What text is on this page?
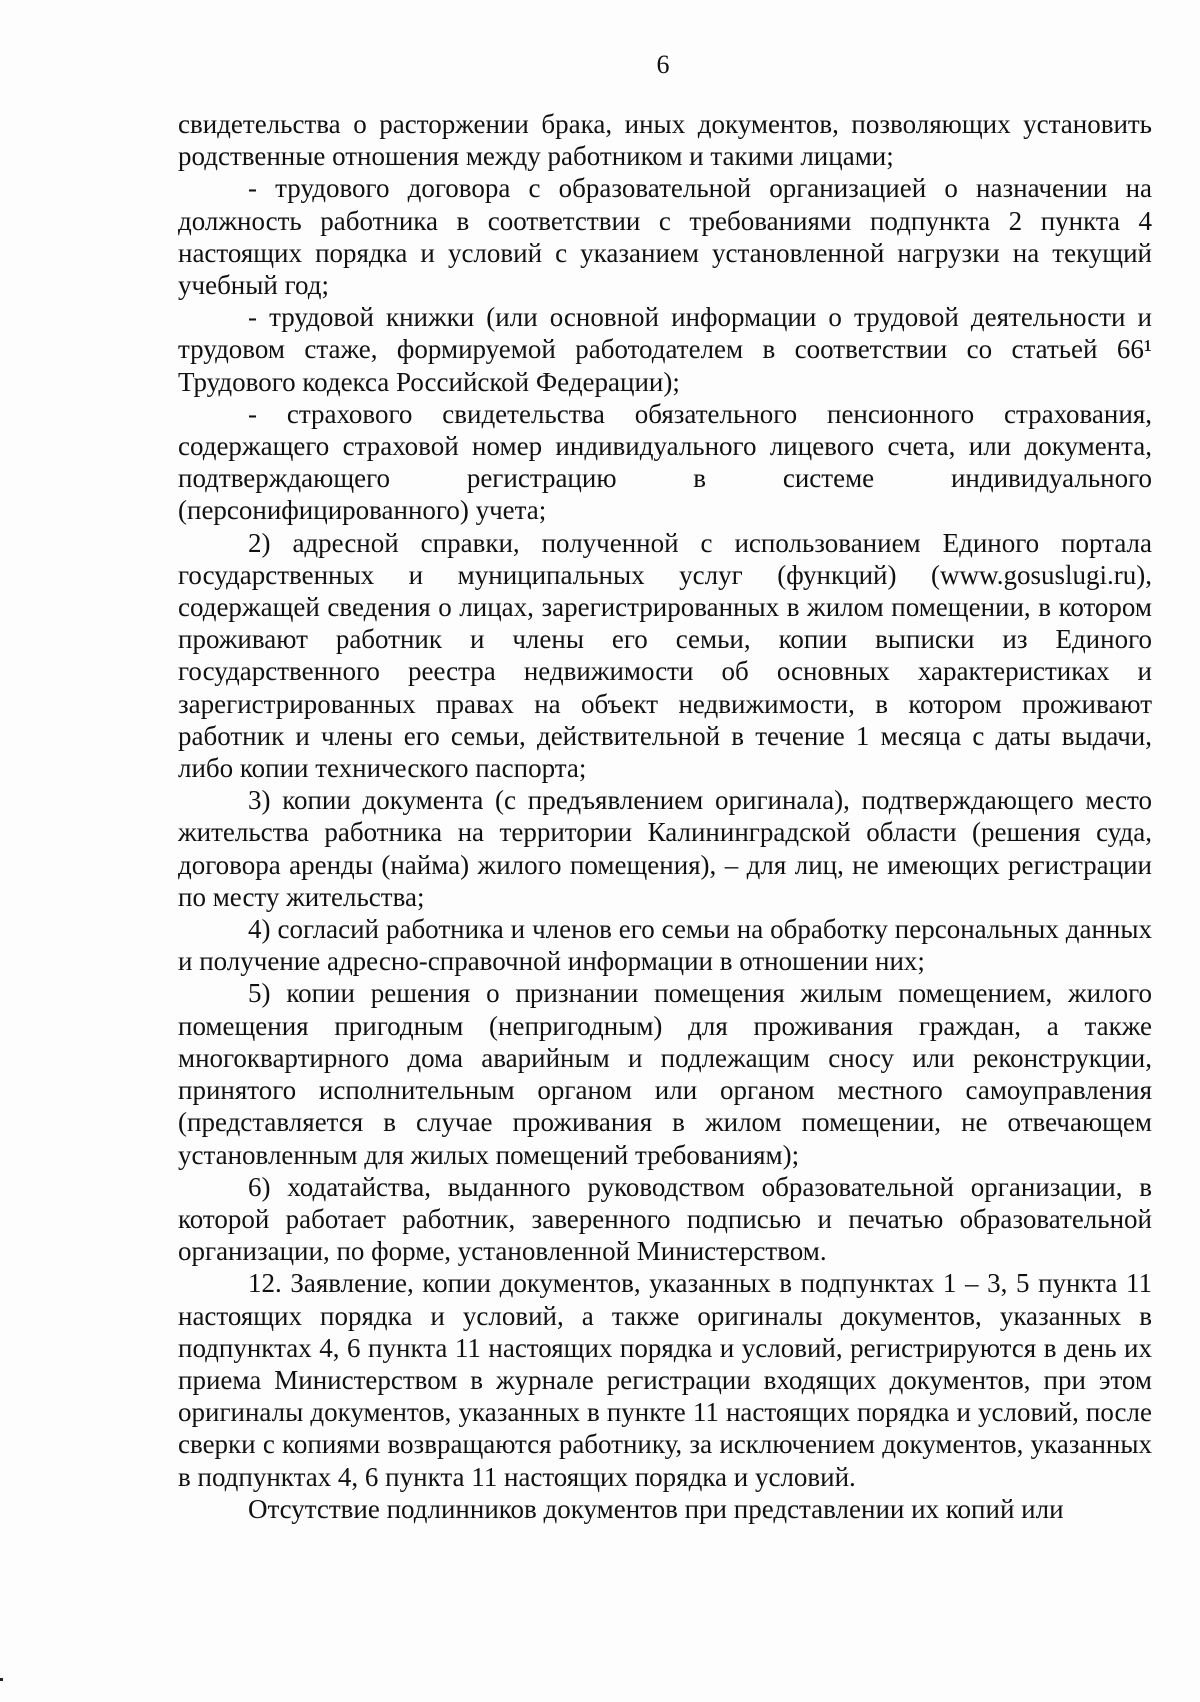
6

свидетельства о расторжении брака, иных документов, позволяющих установить родственные отношения между работником и такими лицами;

- трудового договора с образовательной организацией о назначении на должность работника в соответствии с требованиями подпункта 2 пункта 4 настоящих порядка и условий с указанием установленной нагрузки на текущий учебный год;

- трудовой книжки (или основной информации о трудовой деятельности и трудовом стаже, формируемой работодателем в соответствии со статьей 66¹ Трудового кодекса Российской Федерации);

- страхового свидетельства обязательного пенсионного страхования, содержащего страховой номер индивидуального лицевого счета, или документа, подтверждающего регистрацию в системе индивидуального (персонифицированного) учета;

2) адресной справки, полученной с использованием Единого портала государственных и муниципальных услуг (функций) (www.gosuslugi.ru), содержащей сведения о лицах, зарегистрированных в жилом помещении, в котором проживают работник и члены его семьи, копии выписки из Единого государственного реестра недвижимости об основных характеристиках и зарегистрированных правах на объект недвижимости, в котором проживают работник и члены его семьи, действительной в течение 1 месяца с даты выдачи, либо копии технического паспорта;

3) копии документа (с предъявлением оригинала), подтверждающего место жительства работника на территории Калининградской области (решения суда, договора аренды (найма) жилого помещения), – для лиц, не имеющих регистрации по месту жительства;

4) согласий работника и членов его семьи на обработку персональных данных и получение адресно-справочной информации в отношении них;

5) копии решения о признании помещения жилым помещением, жилого помещения пригодным (непригодным) для проживания граждан, а также многоквартирного дома аварийным и подлежащим сносу или реконструкции, принятого исполнительным органом или органом местного самоуправления (представляется в случае проживания в жилом помещении, не отвечающем установленным для жилых помещений требованиям);

6) ходатайства, выданного руководством образовательной организации, в которой работает работник, заверенного подписью и печатью образовательной организации, по форме, установленной Министерством.

12. Заявление, копии документов, указанных в подпунктах 1 – 3, 5 пункта 11 настоящих порядка и условий, а также оригиналы документов, указанных в подпунктах 4, 6 пункта 11 настоящих порядка и условий, регистрируются в день их приема Министерством в журнале регистрации входящих документов, при этом оригиналы документов, указанных в пункте 11 настоящих порядка и условий, после сверки с копиями возвращаются работнику, за исключением документов, указанных в подпунктах 4, 6 пункта 11 настоящих порядка и условий.

Отсутствие подлинников документов при представлении их копий или
